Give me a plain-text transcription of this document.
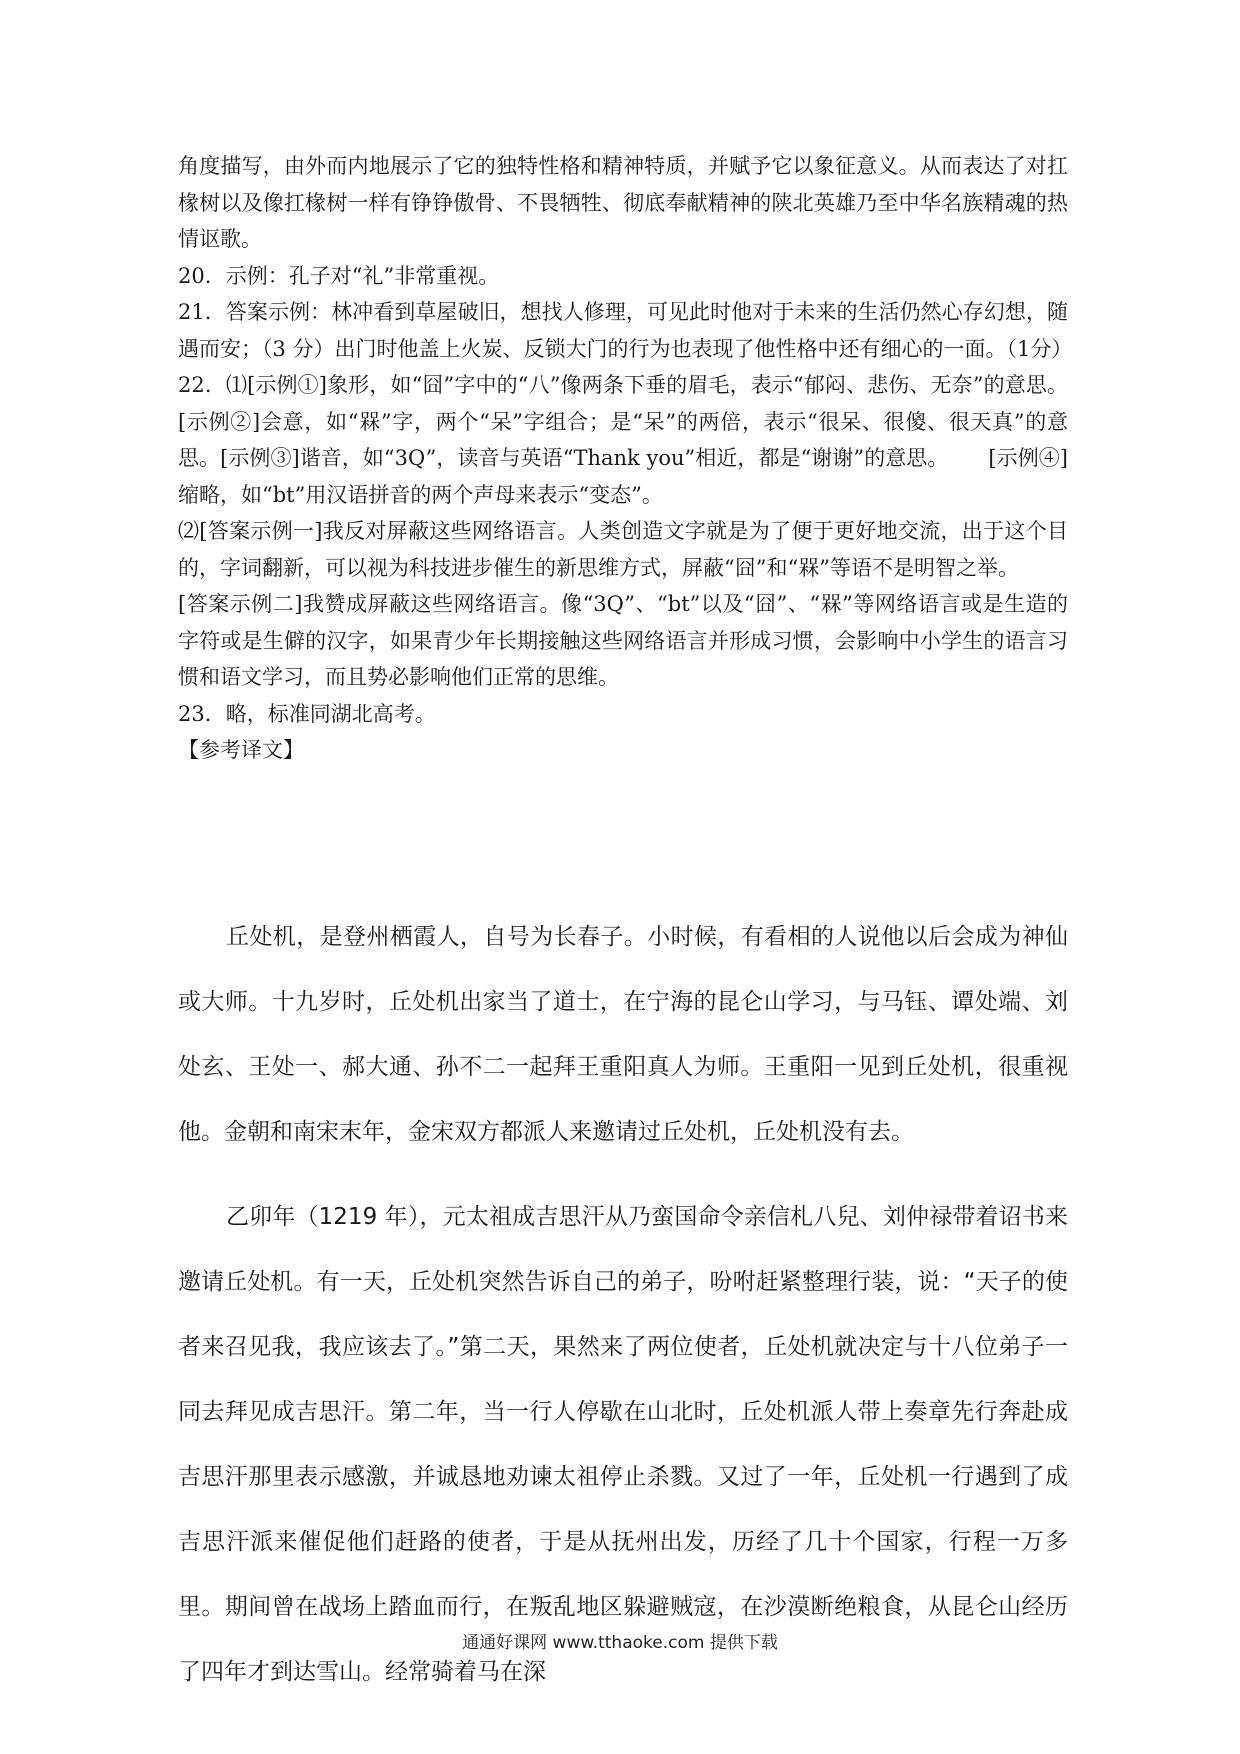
角度描写，由外而内地展示了它的独特性格和精神特质，并赋予它以象征意义。从而表达了对扛椽树以及像扛椽树一样有铮铮傲骨、不畏牺牲、彻底奉献精神的陕北英雄乃至中华名族精魂的热情讴歌。

20．示例：孔子对“礼”非常重视。

21．答案示例：林冲看到草屋破旧，想找人修理，可见此时他对于未来的生活仍然心存幻想，随遇而安；（3 分）出门时他盖上火炭、反锁大门的行为也表现了他性格中还有细心的一面。（1分）

22．⑴[示例①]象形，如“囧”字中的“八”像两条下垂的眉毛，表示“郁闷、悲伤、无奈”的意思。[示例②]会意，如“槑”字，两个“呆”字组合；是“呆”的两倍，表示“很呆、很傻、很天真”的意思。[示例③]谐音，如“3Q”，读音与英语“Thank you”相近，都是“谢谢”的意思。 [示例④]缩略，如“bt”用汉语拼音的两个声母来表示“变态”。

⑵[答案示例一]我反对屏蔽这些网络语言。人类创造文字就是为了便于更好地交流，出于这个目的，字词翻新，可以视为科技进步催生的新思维方式，屏蔽“囧”和“槑”等语不是明智之举。

[答案示例二]我赞成屏蔽这些网络语言。像“3Q”、“bt”以及“囧”、“槑”等网络语言或是生造的字符或是生僻的汉字，如果青少年长期接触这些网络语言并形成习惯，会影响中小学生的语言习惯和语文学习，而且势必影响他们正常的思维。

23．略，标准同湖北高考。

【参考译文】

丘处机，是登州栖霞人，自号为长春子。小时候，有看相的人说他以后会成为神仙或大师。十九岁时，丘处机出家当了道士，在宁海的昆仑山学习，与马钰、谭处端、刘处玄、王处一、郝大通、孙不二一起拜王重阳真人为师。王重阳一见到丘处机，很重视他。金朝和南宋末年，金宋双方都派人来邀请过丘处机，丘处机没有去。

乙卯年（1219 年），元太祖成吉思汗从乃蛮国命令亲信札八兒、刘仲禄带着诏书来邀请丘处机。有一天，丘处机突然告诉自己的弟子，吩咐赶紧整理行装，说：“天子的使者来召见我，我应该去了。”第二天，果然来了两位使者，丘处机就决定与十八位弟子一同去拜见成吉思汗。第二年，当一行人停歇在山北时，丘处机派人带上奏章先行奔赴成吉思汗那里表示感激，并诚恳地劝谏太祖停止杀戮。又过了一年，丘处机一行遇到了成吉思汗派来催促他们赶路的使者，于是从抚州出发，历经了几十个国家，行程一万多里。期间曾在战场上踏血而行，在叛乱地区躲避贼寇，在沙漠断绝粮食，从昆仑山经历了四年才到达雪山。经常骑着马在深

通通好课网 www.tthaoke.com 提供下载
